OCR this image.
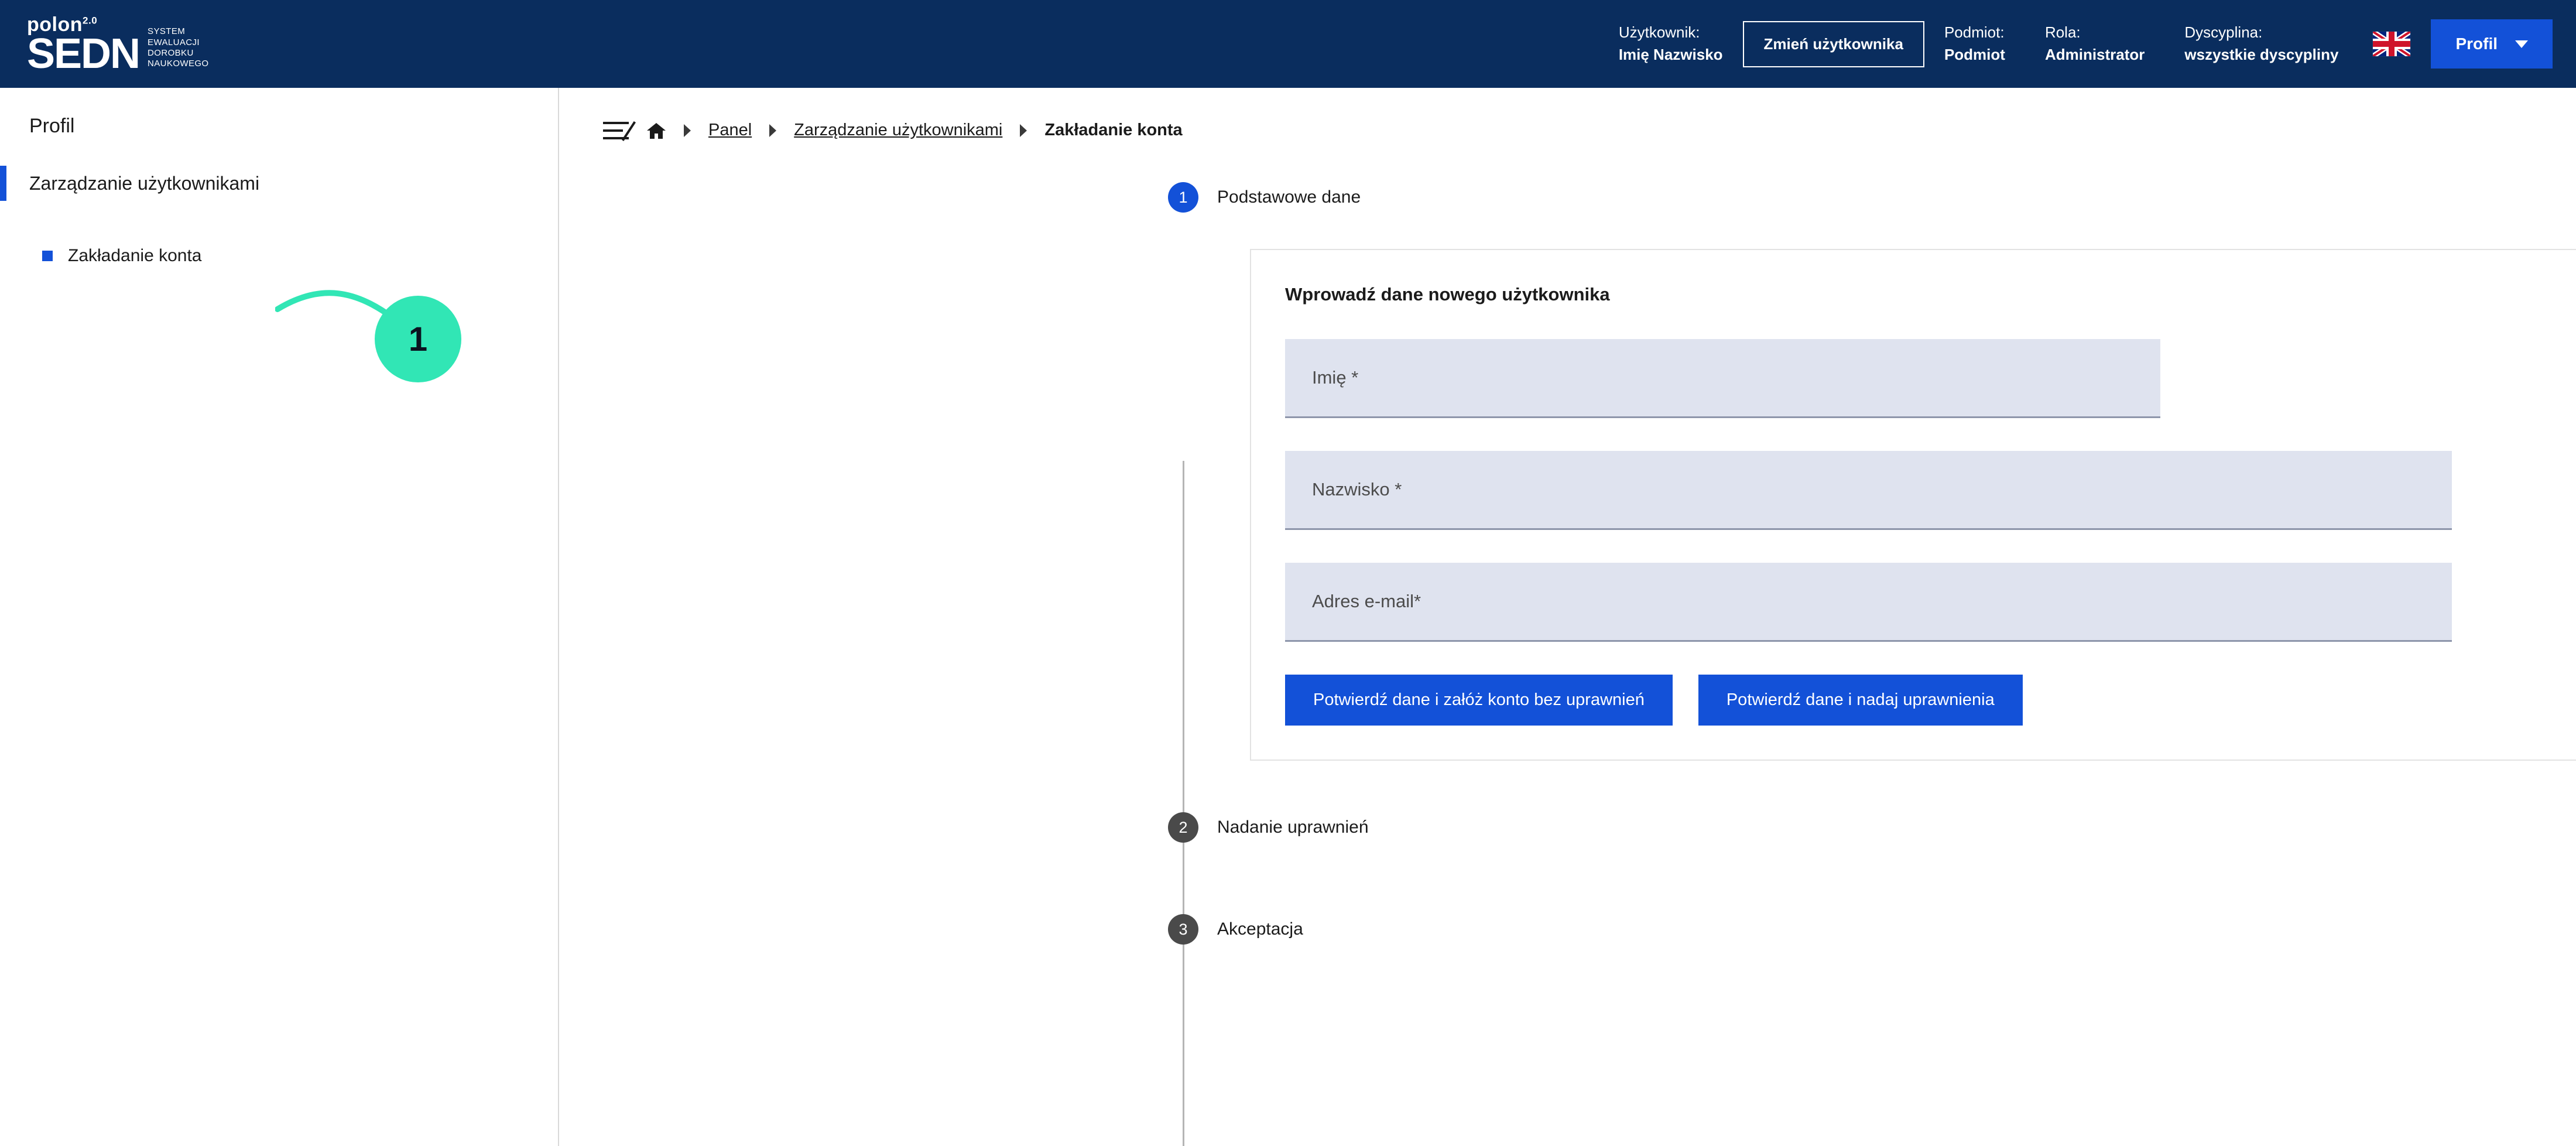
polon$^{2.0}$
SEDN SYSTEM
EWALUACJI
DOROBKU
NAUKOWEGO
Użytkownik:
Imię Nazwisko
Zmień użytkownika
Podmiot:
Podmiot
Rola:
Administrator
Dyscyplina:
wszystkie dyscypliny
Profil
Profil
Zarządzanie użytkownikami
Zakładanie konta
1
Panel Zarządzanie użytkownikami Zakładanie konta
1	Podstawowe dane
Wprowadź dane nowego użytkownika
Imię *
Nazwisko *
Adres e-mail*
Potwierdź dane i załóż konto bez uprawnień	Potwierdź dane i nadaj uprawnienia
2	Nadanie uprawnień
3	Akceptacja
